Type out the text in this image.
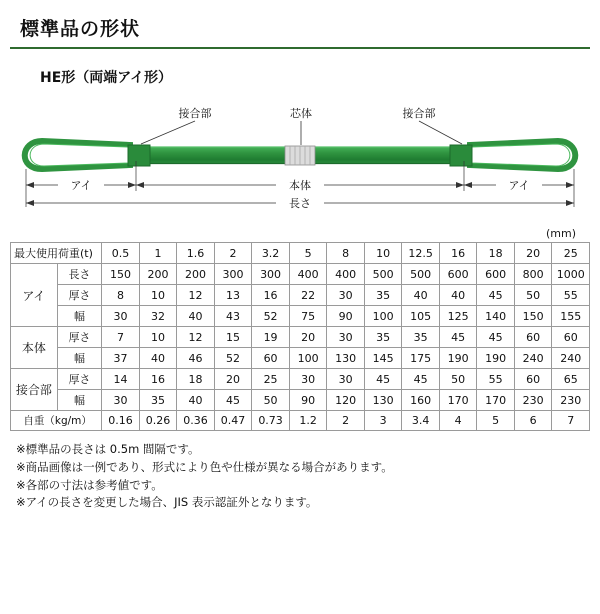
標準品の形状
HE形（両端アイ形）
接合部	芯体	接合部
アイ	本体	アイ
長さ
(mm)
最大使用荷重(t)		0.5	1	1.6	2	3.2	5	8	10	12.5	16	18	20	25
アイ	長さ	150	200	200	300	300	400	400	500	500	600	600	800	1000
	厚さ	8	10	12	13	16	22	30	35	40	40	45	50	55
	幅	30	32	40	43	52	75	90	100	105	125	140	150	155
本体	厚さ	7	10	12	15	19	20	30	35	35	45	45	60	60
	幅	37	40	46	52	60	100	130	145	175	190	190	240	240
接合部	厚さ	14	16	18	20	25	30	30	45	45	50	55	60	65
	幅	30	35	40	45	50	90	120	130	160	170	170	230	230
自重（kg/m）		0.16	0.26	0.36	0.47	0.73	1.2	2	3	3.4	4	5	6	7
※標準品の長さは 0.5m 間隔です。
※商品画像は一例であり、形式により色や仕様が異なる場合があります。
※各部の寸法は参考値です。
※アイの長さを変更した場合、JIS 表示認証外となります。
